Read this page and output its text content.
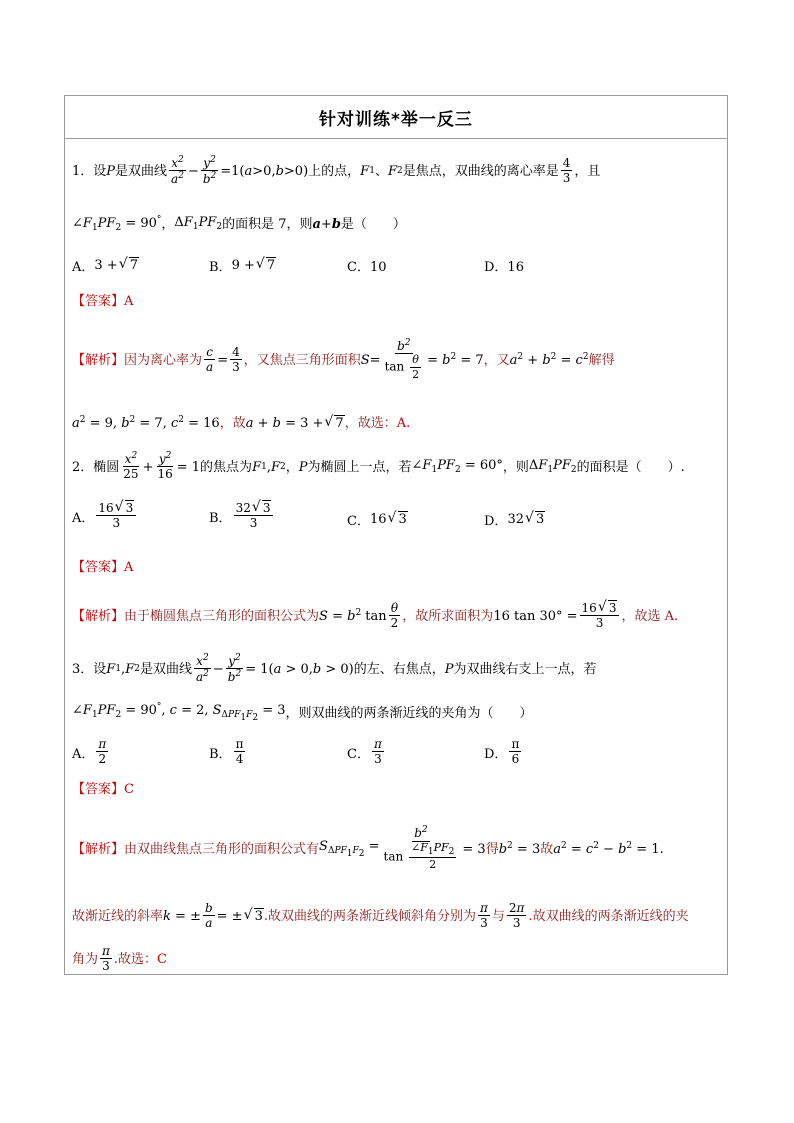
针对训练*举一反三
1．设 P 是双曲线
$x^2$
$a^2 - \frac{y^2}{b^2} =1(a>0,b>0)$ 上的点， F 1 、 F 2 是焦点，双曲线的离心率是
4
3 ，且
$\angle F_1PF_2 = 90^\circ$ ， $\Delta F_1PF_2$ 的面积是 7，则 a + b 是（　　）
A． 3 + √ 7	B． 9 + √ 7	C．10	D．16
【答案】 A
【解析】 因为离心率为 $\frac{c}{a} = \frac{4}{3}$ ，又焦点三角形面积 $S = \frac{b^2}{\tan \frac{\theta}{2}} = b^2 = 7$ ，又 $a^2 + b^2 = c^2$ 解得
$a^2 = 9$, $b^2 = 7$, $c^2 = 16$ ，故 a + b = 3 + √ 7 ，故选： A.
2．椭圆
$x^2$
$25 + \frac{y^2}{16} = 1$ 的焦点为 F 1 , F 2 ， P 为椭圆上一点，若 $\angle F_1PF_2 = 60^\circ$ ，则 $\Delta F_1PF_2$ 的面积是（　　）.
A．
16 √ 3
3	B．
32 √ 3
3	C． 16 √ 3	D． 32 √ 3
【答案】 A
【解析】 由于椭圆焦点三角形的面积公式为 $S = b^2$ tan
θ
2 ，故所求面积为 16 $\tan 30^\circ = \frac{16 √ 3}{3}$ ，故选 A.
3．设 F 1 , F 2 是双曲线
$x^2$
$a^2 - \frac{y^2}{b^2} = 1(a > 0,b > 0)$ 的左、右焦点， P 为双曲线右支上一点，若
$\angle F_1PF_2 = 90^\circ$, c = 2, $S_{\Delta PF_1F_2} = 3$ ，则双曲线的两条渐近线的夹角为（　　）
A．
π
2	B．
π
4	C．
π
3	D．
π
6
【答案】 C
【解析】 由双曲线焦点三角形的面积公式有 $S_{\Delta PF_1F_2} = \frac{b^2}{\tan \frac{\angle F_1PF_2}{2}} = 3$ 得 $b^2 = 3$ 故 $a^2 = c^2 - b^2 = 1$.
故渐近线的斜率 k = ± $\frac{b}{a}$ = ± √ 3 .故双曲线的两条渐近线倾斜角分别为
π
3 与
2π
3 .故双曲线的两条渐近线的夹
角为
π
3 .故选： C
